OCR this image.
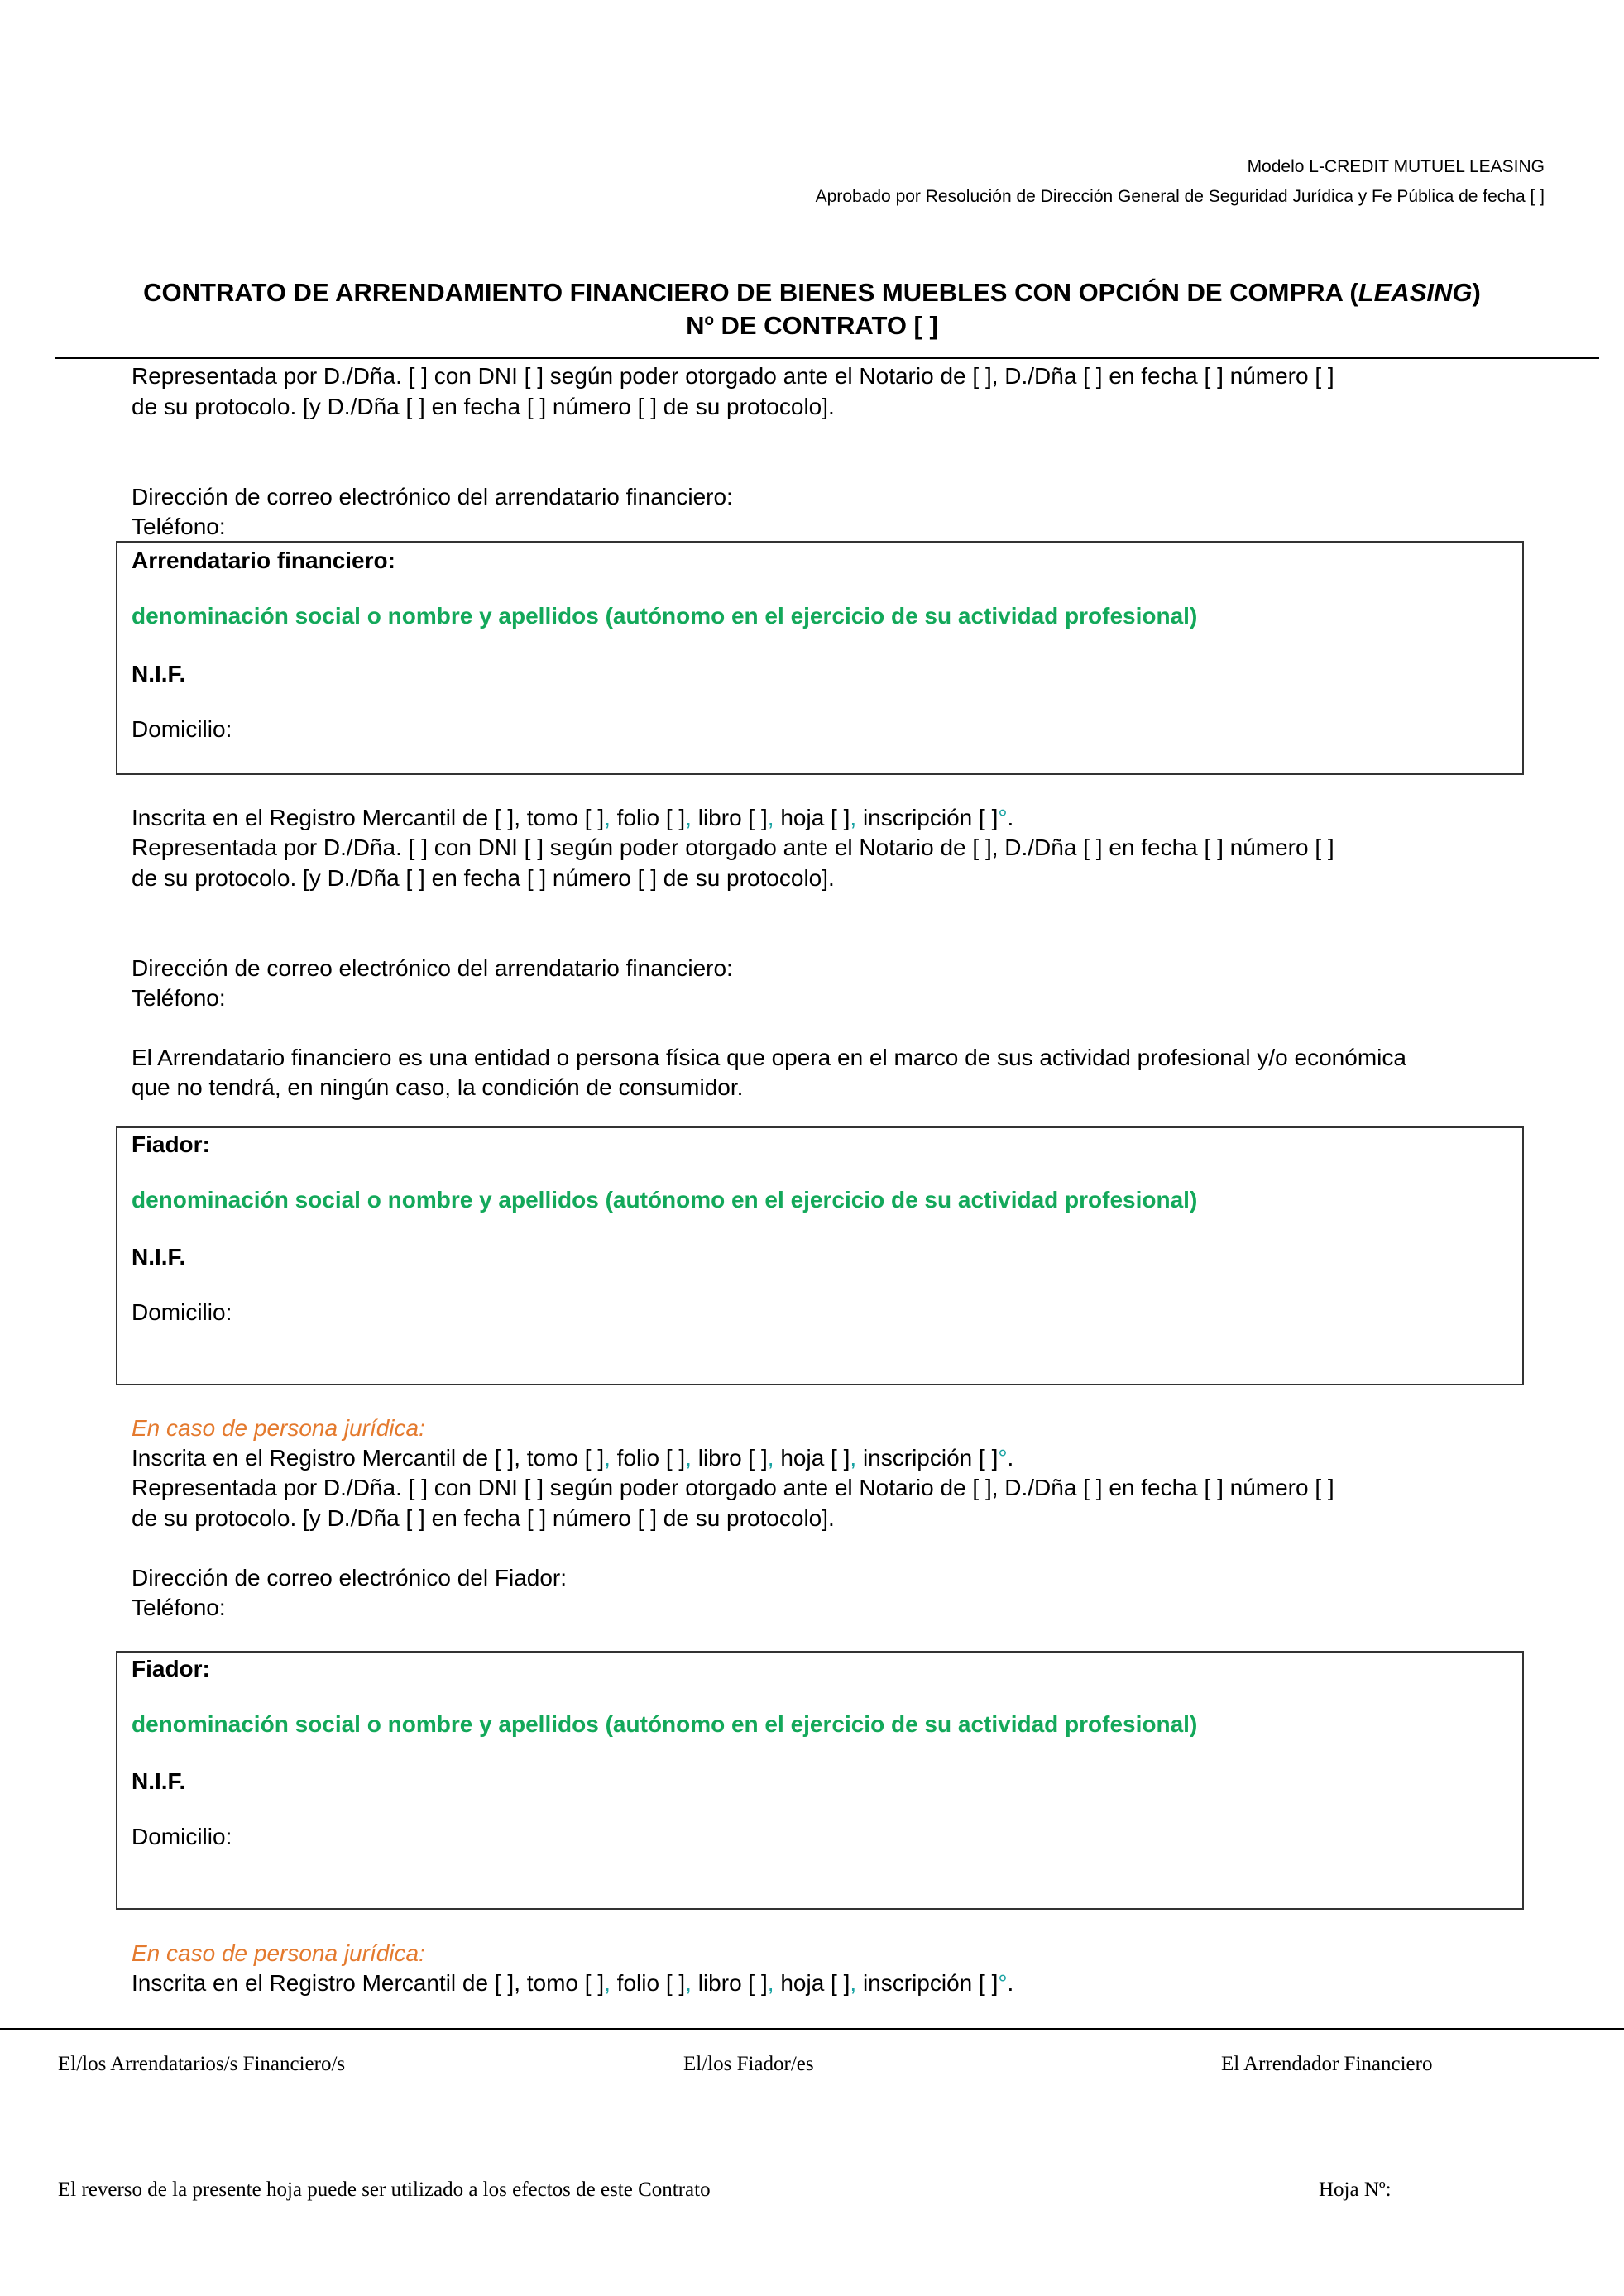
Modelo L-CREDIT MUTUEL LEASING
Aprobado por Resolución de Dirección General de Seguridad Jurídica y Fe Pública de fecha [ ]
CONTRATO DE ARRENDAMIENTO FINANCIERO DE BIENES MUEBLES CON OPCIÓN DE COMPRA (LEASING)
Nº DE CONTRATO [ ]
Representada por D./Dña. [ ] con DNI [ ] según poder otorgado ante el Notario de [ ], D./Dña [ ] en fecha [ ] número [ ]
de su protocolo. [y D./Dña [ ] en fecha [ ] número [ ] de su protocolo].
Dirección de correo electrónico del arrendatario financiero:
Teléfono:
Arrendatario financiero:
denominación social o nombre y apellidos (autónomo en el ejercicio de su actividad profesional)
N.I.F.
Domicilio:
Inscrita en el Registro Mercantil de [ ], tomo [ ], folio [ ], libro [ ], hoja [ ], inscripción [ ]°.
Representada por D./Dña. [ ] con DNI [ ] según poder otorgado ante el Notario de [ ], D./Dña [ ] en fecha [ ] número [ ]
de su protocolo. [y D./Dña [ ] en fecha [ ] número [ ] de su protocolo].
Dirección de correo electrónico del arrendatario financiero:
Teléfono:
El Arrendatario financiero es una entidad o persona física que opera en el marco de sus actividad profesional y/o económica
que no tendrá, en ningún caso, la condición de consumidor.
Fiador:
denominación social o nombre y apellidos (autónomo en el ejercicio de su actividad profesional)
N.I.F.
Domicilio:
En caso de persona jurídica:
Inscrita en el Registro Mercantil de [ ], tomo [ ], folio [ ], libro [ ], hoja [ ], inscripción [ ]°.
Representada por D./Dña. [ ] con DNI [ ] según poder otorgado ante el Notario de [ ], D./Dña [ ] en fecha [ ] número [ ]
de su protocolo. [y D./Dña [ ] en fecha [ ] número [ ] de su protocolo].
Dirección de correo electrónico del Fiador:
Teléfono:
Fiador:
denominación social o nombre y apellidos (autónomo en el ejercicio de su actividad profesional)
N.I.F.
Domicilio:
En caso de persona jurídica:
Inscrita en el Registro Mercantil de [ ], tomo [ ], folio [ ], libro [ ], hoja [ ], inscripción [ ]°.
El/los Arrendatarios/s Financiero/s	El/los Fiador/es	El Arrendador Financiero
El reverso de la presente hoja puede ser utilizado a los efectos de este Contrato	Hoja Nº:
